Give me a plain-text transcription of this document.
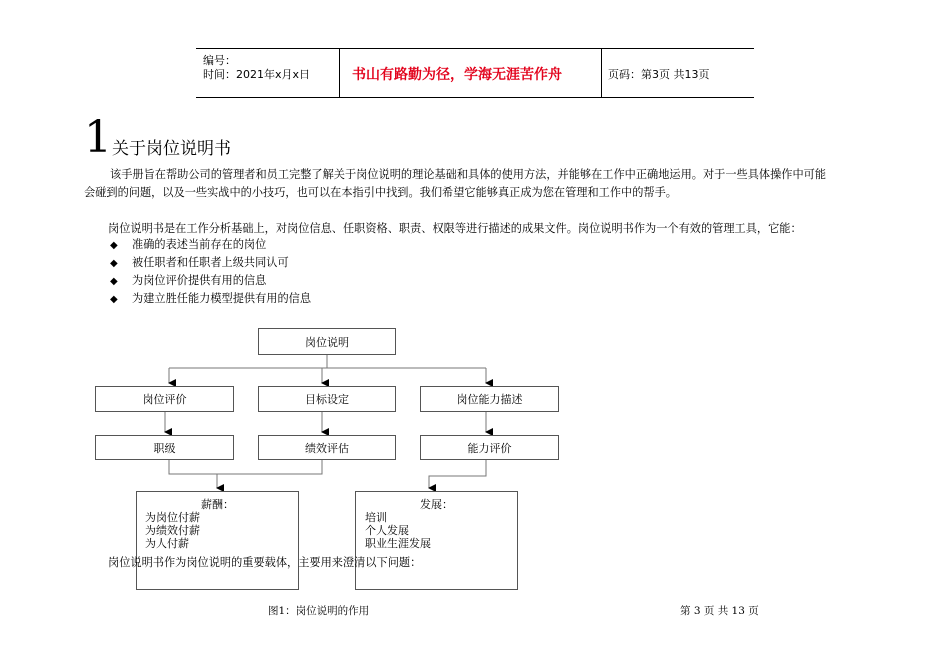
编号：
时间：2021年x月x日	书山有路勤为径，学海无涯苦作舟	页码：第3页 共13页
1 关于岗位说明书
该手册旨在帮助公司的管理者和员工完整了解关于岗位说明的理论基础和具体的使用方法，并能够在工作中正确地运用。对于一些具体操作中可能
会碰到的问题，以及一些实战中的小技巧，也可以在本指引中找到。我们希望它能够真正成为您在管理和工作中的帮手。
岗位说明书是在工作分析基础上，对岗位信息、任职资格、职责、权限等进行描述的成果文件。岗位说明书作为一个有效的管理工具，它能：
◆ 准确的表述当前存在的岗位
◆ 被任职者和任职者上级共同认可
◆ 为岗位评价提供有用的信息
◆ 为建立胜任能力模型提供有用的信息
岗位说明
岗位评价	目标设定	岗位能力描述
职级	绩效评估	能力评价
薪酬：
为岗位付薪
为绩效付薪
为人付薪
发展：
培训
个人发展
职业生涯发展
岗位说明书作为岗位说明的重要载体，主要用来澄清以下问题：
图1：岗位说明的作用	第 3 页 共 13 页
